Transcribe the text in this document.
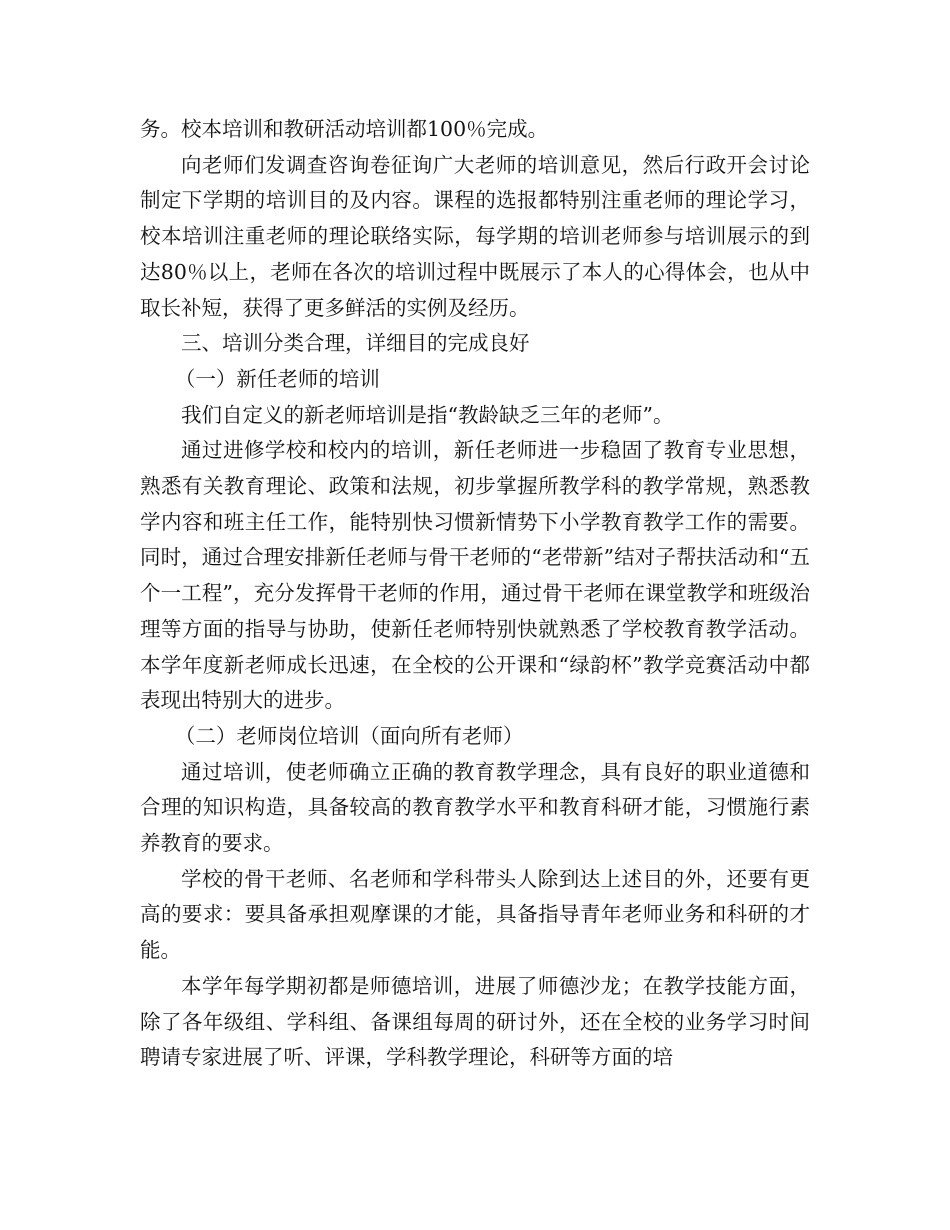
务。校本培训和教研活动培训都100％完成。

向老师们发调查咨询卷征询广大老师的培训意见，然后行政开会讨论制定下学期的培训目的及内容。课程的选报都特别注重老师的理论学习，校本培训注重老师的理论联络实际，每学期的培训老师参与培训展示的到达80％以上，老师在各次的培训过程中既展示了本人的心得体会，也从中取长补短，获得了更多鲜活的实例及经历。

三、培训分类合理，详细目的完成良好

（一）新任老师的培训

我们自定义的新老师培训是指“教龄缺乏三年的老师”。

通过进修学校和校内的培训，新任老师进一步稳固了教育专业思想，熟悉有关教育理论、政策和法规，初步掌握所教学科的教学常规，熟悉教学内容和班主任工作，能特别快习惯新情势下小学教育教学工作的需要。同时，通过合理安排新任老师与骨干老师的“老带新”结对子帮扶活动和“五个一工程”，充分发挥骨干老师的作用，通过骨干老师在课堂教学和班级治理等方面的指导与协助，使新任老师特别快就熟悉了学校教育教学活动。本学年度新老师成长迅速，在全校的公开课和“绿韵杯”教学竞赛活动中都表现出特别大的进步。

（二）老师岗位培训（面向所有老师）

通过培训，使老师确立正确的教育教学理念，具有良好的职业道德和合理的知识构造，具备较高的教育教学水平和教育科研才能，习惯施行素养教育的要求。

学校的骨干老师、名老师和学科带头人除到达上述目的外，还要有更高的要求：要具备承担观摩课的才能，具备指导青年老师业务和科研的才能。

本学年每学期初都是师德培训，进展了师德沙龙；在教学技能方面，除了各年级组、学科组、备课组每周的研讨外，还在全校的业务学习时间聘请专家进展了听、评课，学科教学理论，科研等方面的培
